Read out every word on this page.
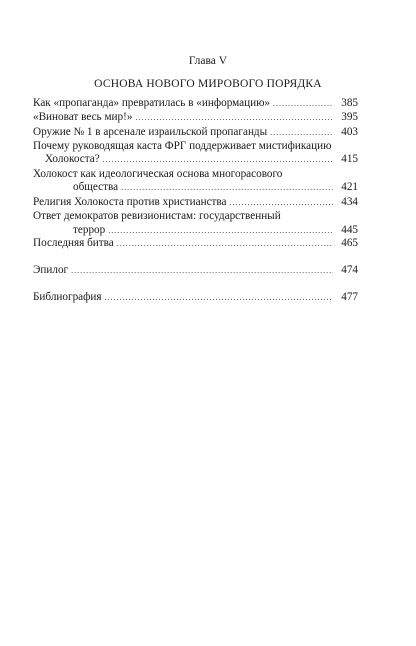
Глава V
ОСНОВА НОВОГО МИРОВОГО ПОРЯДКА
Как «пропаганда» превратилась в «информацию» .....	385
«Виноват весь мир!» .....	395
Оружие № 1 в арсенале израильской пропаганды .....	403
Почему руководящая каста ФРГ поддерживает мистификацию
Холокоста? .....	415
Холокост как идеологическая основа многорасового
общества .....	421
Религия Холокоста против христианства .....	434
Ответ демократов ревизионистам: государственный
террор .....	445
Последняя битва .....	465
Эпилог .....	474
Библиография .....	477
